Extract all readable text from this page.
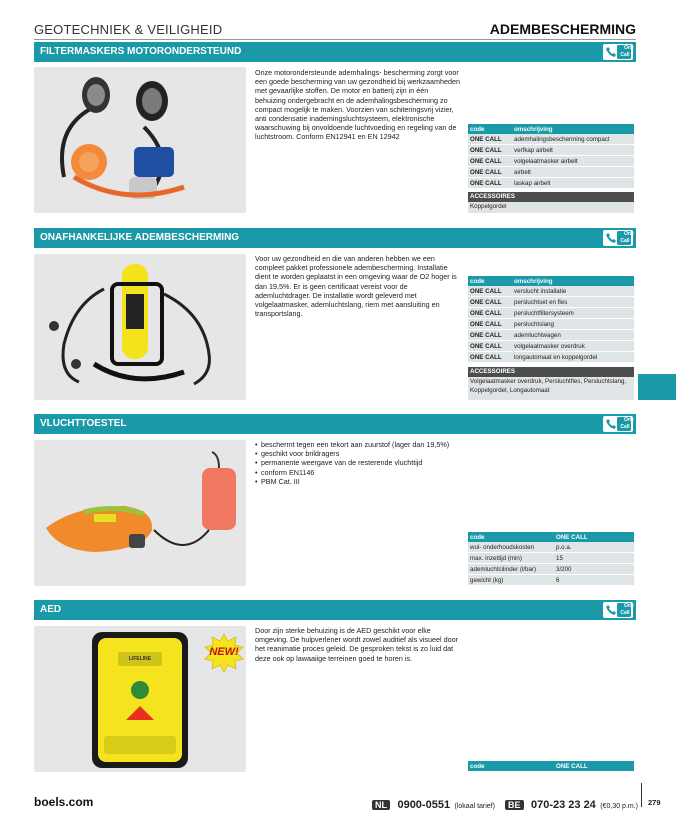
GEOTECHNIEK & VEILIGHEID	ADEMBESCHERMING
FILTERMASKERS MOTORONDERSTEUND	One
Call
Onze motorondersteunde ademhalings- bescherming zorgt voor een goede bescherming van uw gezondheid bij werkzaamheden met gevaarlijke stoffen. De motor en batterij zijn in één behuizing ondergebracht en de ademhalingsbescherming zo compact mogelijk te maken. Voorzien van schiteringsvrij vizier, anti condensatie inademingsluchtsysteem, elektronische waarschuwing bij onvoldoende luchtvoeding en regeling van de luchtstroom. Conform EN12941 en EN 12942
code	omschrijving
ONE CALL	ademhalingsbescherming compact
ONE CALL	verfkap airbelt
ONE CALL	volgelaatmasker airbelt
ONE CALL	airbelt
ONE CALL	laskap airbelt
ACCESSOIRES
Koppelgordel
ONAFHANKELIJKE ADEMBESCHERMING	One
Call
Voor uw gezondheid en die van anderen hebben we een compleet pakket professionele adembescherming. Installatie dient te worden geplaatst in een omgeving waar de O2 hoger is dan 19,5%. Er is geen certificaat vereist voor de ademluchtdrager. De installatie wordt geleverd met volgelaatmasker, ademluchtslang, riem met aansluiting en transportslang.
code	omschrijving
ONE CALL	verslucht installatie
ONE CALL	persluchtset en fles
ONE CALL	persluchtfiltersysteem
ONE CALL	persluchtslang
ONE CALL	ademluchtwagen
ONE CALL	volgelaatmasker overdruk
ONE CALL	longautomaat en koppelgordel
ACCESSOIRES
Volgelaatmasker overdruk, Persluchtfles, Persluchtslang, Koppelgordel, Longautomaat
VLUCHTTOESTEL	One
Call
• beschermt tegen een tekort aan zuurstof (lager dan 19,5%)
• geschikt voor brildragers
• permanente weergave van de resterende vluchttijd
• conform EN1146
• PBM Cat. III
code	ONE CALL
wul- onderhoudskosten	p.o.a.
max. inzettijd (min)	15
ademluchtcilinder (l/bar)	3/200
gewicht (kg)	6
AED	One
Call
LIFELINE
NEW!
Door zijn sterke behuizing is de AED geschikt voor elke omgeving. De hulpverlener wordt zowel auditief als visueel door het reanimatie proces geleid. De gesproken tekst is zo luid dat deze ook op lawaaiige terreinen goed te horen is.
code	ONE CALL
boels.com	NL 0900-0551 (lokaal tarief)	BE 070-23 23 24 (€0,30 p.m.) 279
